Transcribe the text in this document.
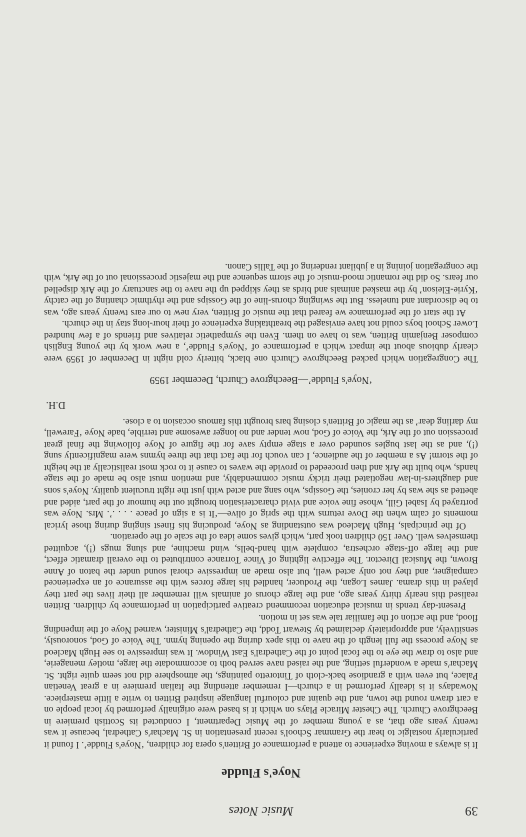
39
Music Notes
Noye's Fludde

It is always a moving experience to attend a performance of Britten's opera for children, ‘Noye's Fludde’. I found it particularly nostalgic to hear the Grammar School's recent presentation in St. Machar's Cathedral, because it was twenty years ago that, as a young member of the Music Department, I conducted its Scottish premiere in Beechgrove Church. The Chester Miracle Plays on which it is based were originally performed by local people on a cart drawn round the town, and the quaint and colourful language inspired Britten to write a little masterpiece. Nowadays it is ideally performed in a church—I remember attending the Italian premiere in a great Venetian Palace, but even with a grandiose back-cloth of Tintoretto paintings, the atmosphere did not seem quite right. St. Machar's made a wonderful setting, and the raised nave served both to accommodate the large, motley menagerie, and also to draw the eye to the focal point of the Cathedral's East Window. It was impressive to see Hugh Macleod as Noye process the full length of the nave to this apex during the opening hymn. The Voice of God, sonorously, sensitively, and appropriately declaimed by Stewart Todd, the Cathedral's Minister, warned Noye of the impending flood, and the action of the familiar tale was set in motion.

Present-day trends in musical education recommend creative participation in performance by children. Britten realised this nearly thirty years ago, and the large chorus of animals will remember all their lives the part they played in this drama. James Logan, the Producer, handled his large forces with the assurance of an experienced campaigner, and they not only acted well, but also made an impressive choral sound under the baton of Anne Brown, the Musical Director. The effective lighting of Vince Torrance contributed to the overall dramatic effect, and the large off-stage orchestra, complete with hand-bells, wind machine, and slung mugs (!), acquitted themselves well. Over 150 children took part, which gives some idea of the scale of the operation.

Of the principals, Hugh Macleod was outstanding as Noye, producing his finest singing during those lyrical moments of calm when the Dove returns with the sprig of olive—‘It is a sign of peace . . . .’. Mrs. Noye was portrayed by Isabel Gill, whose fine voice and vivid characterisation brought out the humour of the part, aided and abetted as she was by her cronies, the Gossips, who sang and acted with just the right truculent quality. Noye's sons and daughters-in-law negotiated their tricky music commendably, and mention must also be made of the stage hands, who built the Ark and then proceeded to provide the waves to cause it to rock most realistically at the height of the storm! As a member of the audience, I can vouch for the fact that the three hymns were magnificently sung (!), and as the last bugles sounded over a stage empty save for the figure of Noye following the final great procession out of the Ark, the Voice of God, now tender and no longer awesome and terrible, bade Noye ‘Farewell, my darling dear’ as the magic of Britten's closing bars brought this famous occasion to a close.

D.H.
‘Noye's Fludde’—Beechgrove Church, December 1959

The Congregation which packed Beechgrove Church one black, bitterly cold night in December of 1959 were clearly dubious about the impact which a performance of ‘Noye's Fludde’, a new work by the young English composer Benjamin Britten, was to have on them. Even the sympathetic relatives and friends of a few hundred Lower School boys could not have envisaged the breathtaking experience of their hour-long stay in the church.

At the start of the performance we feared that the music of Britten, very new to our ears twenty years ago, was to be discordant and tuneless. But the swinging chorus-line of the Gossips and the rhythmic chanting of the catchy ‘Kyrie-Eleison’ by the masked animals and birds as they skipped up the nave to the sanctuary of the Ark dispelled our fears. So did the romantic mood-music of the storm sequence and the majestic processional out of the Ark, with the congregation joining in a jubilant rendering of the Tallis Canon.
